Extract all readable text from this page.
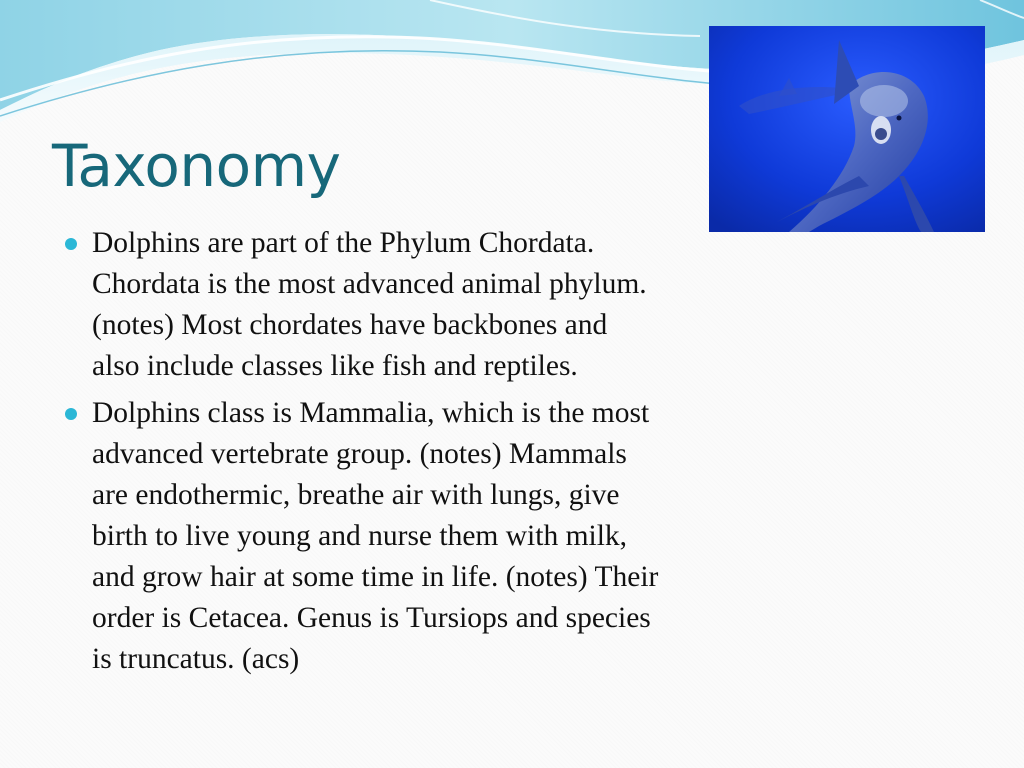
Taxonomy
Dolphins are part of the Phylum Chordata.
Chordata is the most advanced animal phylum.
(notes) Most chordates have backbones and
also include classes like fish and reptiles.
Dolphins class is Mammalia, which is the most
advanced vertebrate group. (notes) Mammals
are endothermic, breathe air with lungs, give
birth to live young and nurse them with milk,
and grow hair at some time in life. (notes) Their
order is Cetacea. Genus is Tursiops and species
is truncatus. (acs)
